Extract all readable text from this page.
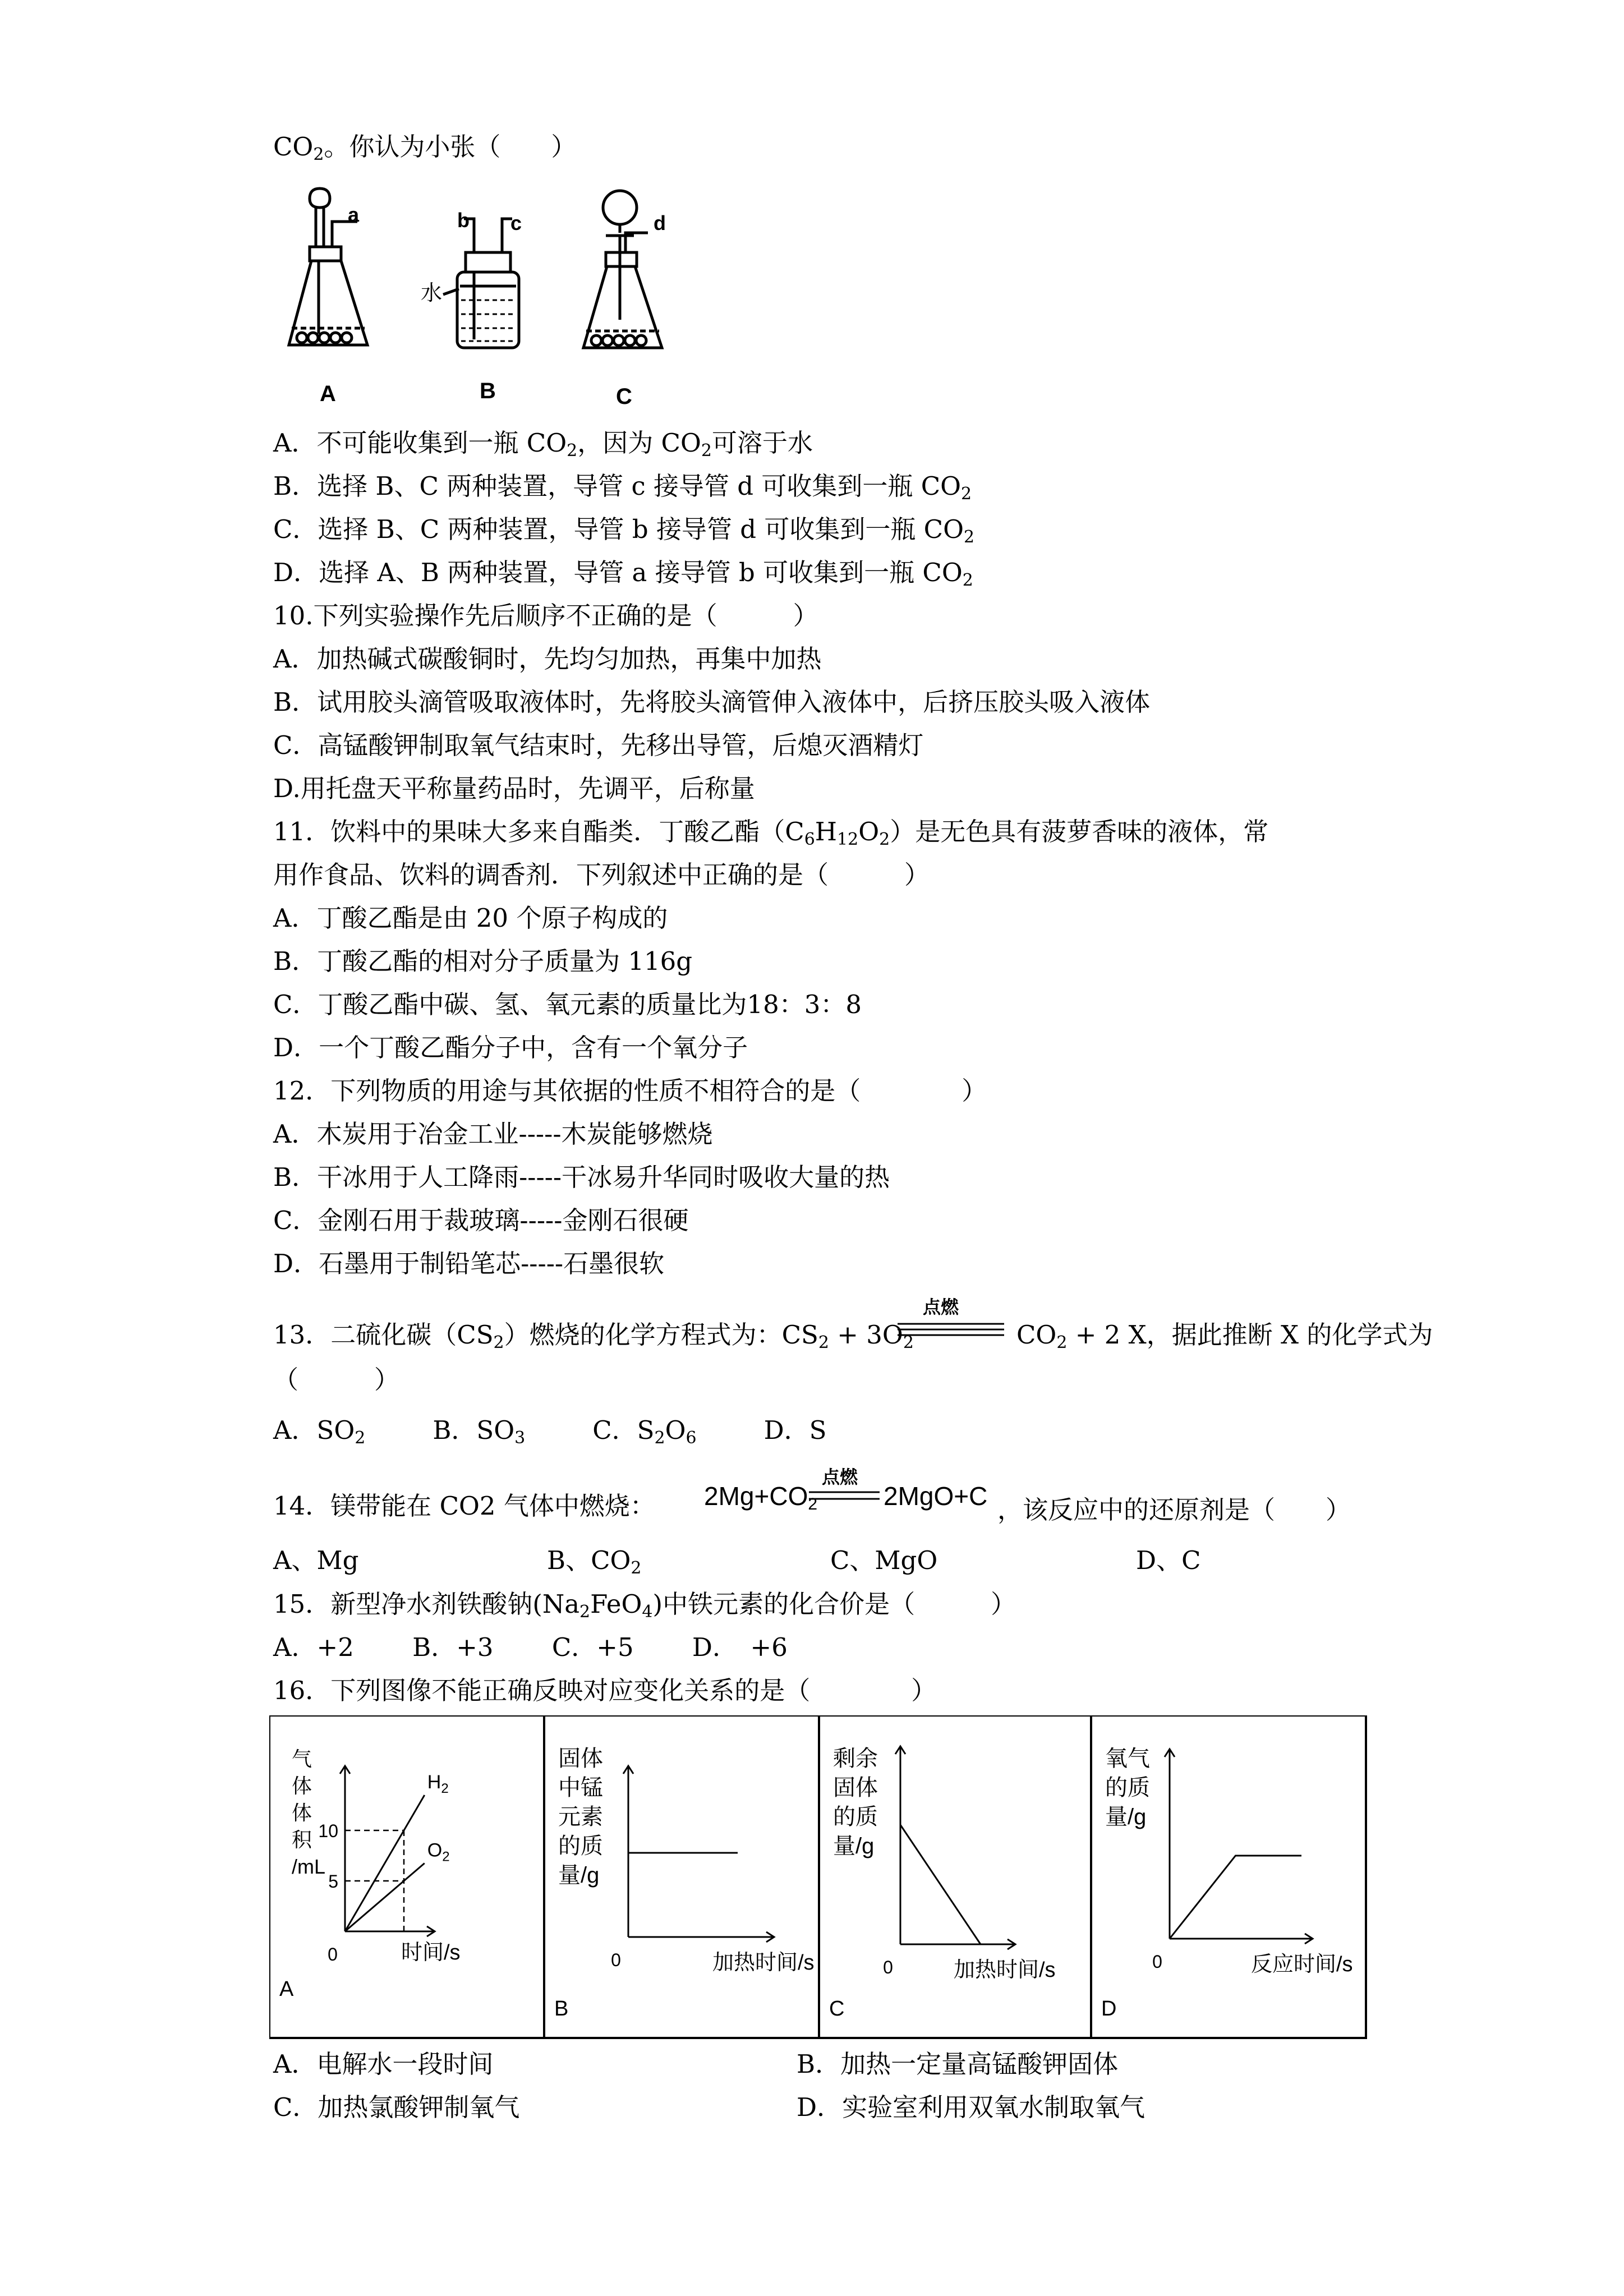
$CO_2$。你认为小张（　　）
a	b c	d
水
A	B	C
A．不可能收集到一瓶 $CO_2$，因为 $CO_2$可溶于水
B．选择 B、C 两种装置，导管 c 接导管 d 可收集到一瓶 $CO_2$
C．选择 B、C 两种装置，导管 b 接导管 d 可收集到一瓶 $CO_2$
D．选择 A、B 两种装置，导管 a 接导管 b 可收集到一瓶 $CO_2$
10.下列实验操作先后顺序不正确的是（　　　）
A．加热碱式碳酸铜时，先均匀加热，再集中加热
B．试用胶头滴管吸取液体时，先将胶头滴管伸入液体中，后挤压胶头吸入液体
C．高锰酸钾制取氧气结束时，先移出导管，后熄灭酒精灯
D.用托盘天平称量药品时，先调平，后称量
11．饮料中的果味大多来自酯类．丁酸乙酯$(C_6H_{12}O_2)$是无色具有菠萝香味的液体，常
用作食品、饮料的调香剂．下列叙述中正确的是（　　　）
A．丁酸乙酯是由 20 个原子构成的
B．丁酸乙酯的相对分子质量为 116g
C．丁酸乙酯中碳、氢、氧元素的质量比为18：3：8
D．一个丁酸乙酯分子中，含有一个氧分子
12．下列物质的用途与其依据的性质不相符合的是（　　　　）
A．木炭用于冶金工业-----木炭能够燃烧
B．干冰用于人工降雨-----干冰易升华同时吸收大量的热
C．金刚石用于裁玻璃-----金刚石很硬
D．石墨用于制铅笔芯-----石墨很软
13．二硫化碳$(CS_2)$燃烧的化学方程式为：$CS_2 + 3O_2$
点燃
$CO_2 + 2$ X，据此推断 X 的化学式为
（　　　）
A．$SO_2$	B．$SO_3$	C．$S_2O_6$	D．S
14．镁带能在 CO2 气体中燃烧： $2Mg+CO_2$
点燃
2MgO+C ，该反应中的还原剂是（　　）
A、Mg	B、$CO_2$	C、MgO	D、C
15．新型净水剂铁酸钠$(Na_2FeO_4)$中铁元素的化合价是（　　　）
A．+2　　 B．+3　　 C．+5　　 D．　+6
16．下列图像不能正确反映对应变化关系的是（　　　　）
0
A
气
体
体
积
/mL
时间/s
5
10
0
B
固体
中锰
元素
的质
量/g
加热时间/s	0
C
剩余
固体
的质
量/g
加热时间/s	0
D
氧气
的质
量/g
反应时间/s
$H_2$
$O_2$
A．电解水一段时间	B．加热一定量高锰酸钾固体
C．加热氯酸钾制氧气	D．实验室利用双氧水制取氧气
